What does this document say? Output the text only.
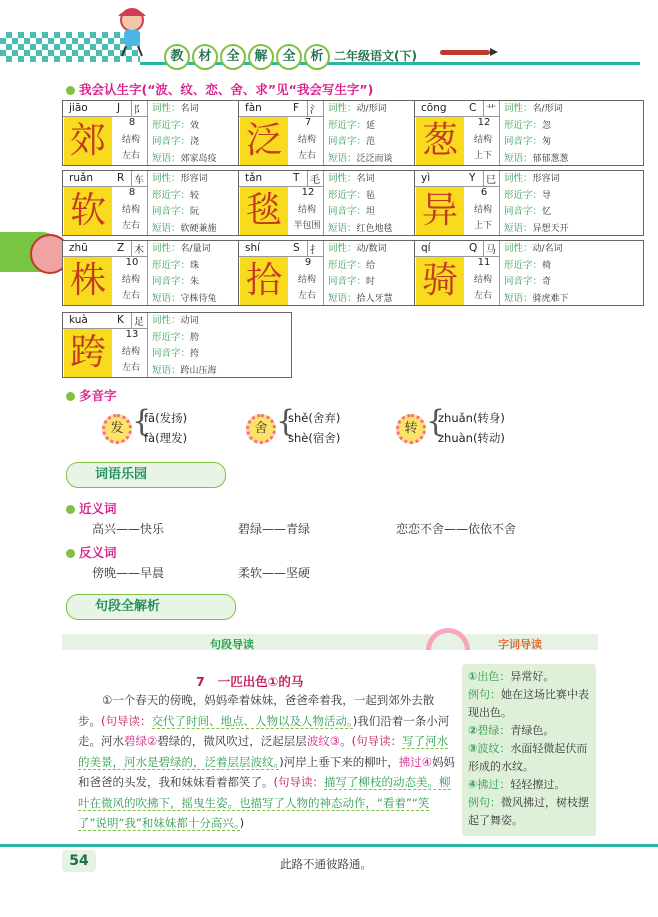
教	材	全	解	全	析 二年级语文(下)
我会认生字(“波、纹、恋、舍、求”见“我会写生字”)
jiāo	J	阝
郊	8
结构
左右
词性：名词
形近字：效
同音字：浇
短语：郊家岛疫
fàn	F	氵
泛	7
结构
左右
词性：动/形词
形近字：延
同音字：范
短语：泛泛而谈
cōng C 艹
葱	12
结构
上下
词性：名/形词
形近字：忽
同音字：匆
短语：郁郁葱葱
ruǎn R 车
软	8
结构
左右
词性：形容词
形近字：较
同音字：阮
短语：软硬兼施
tǎn	T	毛
毯	12
结构
半包围
词性：名词
形近字：毡
同音字：坦
短语：红色地毯
yì	Y	巳
异	6
结构
上下
词性：形容词
形近字：导
同音字：忆
短语：异想天开
zhū	Z 木
株	10
结构
左右
词性：名/量词
形近字：珠
同音字：朱
短语：守株待兔
shí	S	扌
拾	9
结构
左右
词性：动/数词
形近字：给
同音字：时
短语：拾人牙慧
qí	Q 马
骑	11
结构
左右
词性：动/名词
形近字：椅
同音字：奇
短语：骑虎难下
kuà	K	足
跨	13
结构
左右
词性：动词
形近字：胯
同音字：挎
短语：跨山压海
多音字
发 {
fā(发扬)
fà(理发)
舍 {
shě(舍弃)
shè(宿舍)
转 {
zhuǎn(转身)
zhuàn(转动)
词语乐园
近义词
高兴——快乐	碧绿——青绿	恋恋不舍——依依不舍
反义词
傍晚——早晨	柔软——坚硬
句段全解析
句段导读	字词导读
7 一匹出色①的马
①一个春天的傍晚，妈妈牵着妹妹，爸爸牵着我，一起到郊外去散步。(句导读：交代了时间、地点、人物以及人物活动。)我们沿着一条小河走。河水碧绿②碧绿的，微风吹过，泛起层层波纹③。(句导读：写了河水的美景，河水是碧绿的，泛着层层波纹。)河岸上垂下来的柳叶，拂过④妈妈和爸爸的头发，我和妹妹看着都笑了。(句导读：描写了柳枝的动态美。柳叶在微风的吹拂下，摇曳生姿。也描写了人物的神态动作，“看着”“笑了”说明“我”和妹妹都十分高兴。)
①出色：异常好。
例句：她在这场比赛中表现出色。
②碧绿：青绿色。
③波纹：水面轻微起伏而形成的水纹。
④拂过：轻轻擦过。
例句：微风拂过，树枝摆起了舞姿。
54	此路不通彼路通。
